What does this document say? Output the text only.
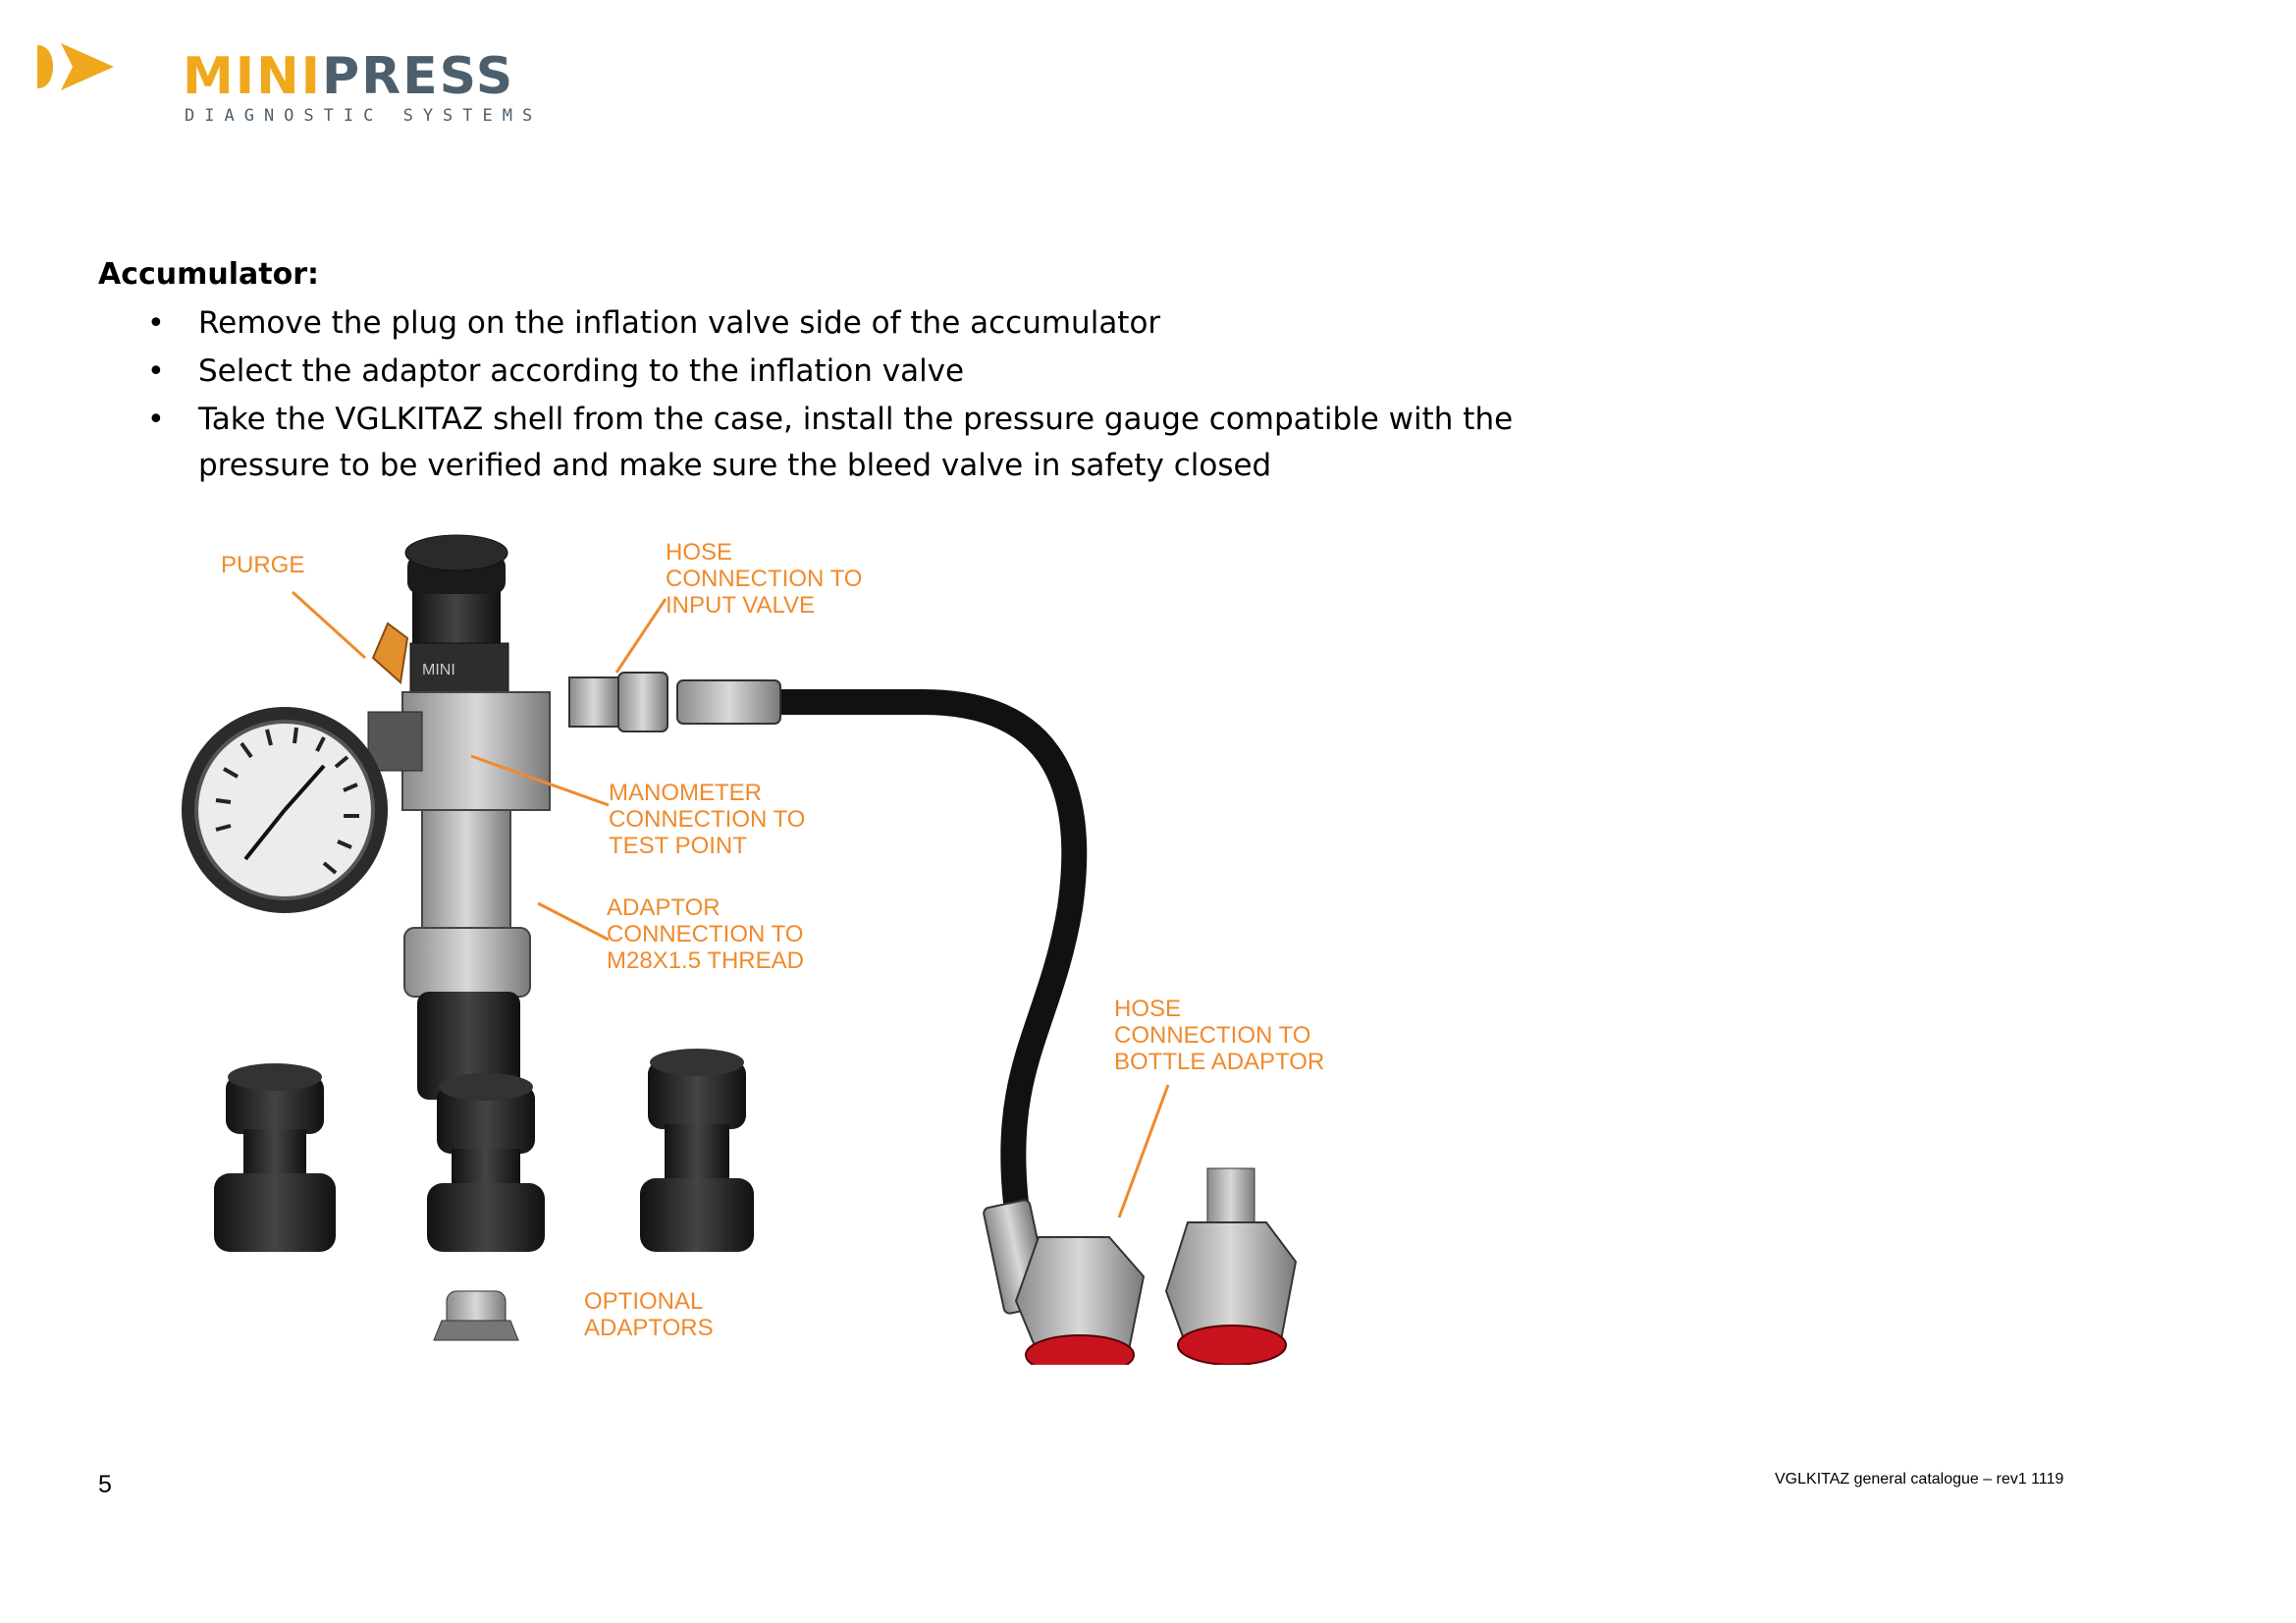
MINIPRESS
DIAGNOSTIC SYSTEMS
Accumulator:
• Remove the plug on the inflation valve side of the accumulator
• Select the adaptor according to the inflation valve
• Take the VGLKITAZ shell from the case, install the pressure gauge compatible with the pressure to be verified and make sure the bleed valve in safety closed
MINI
PURGE	HOSE CONNECTION TO INPUT VALVE
MANOMETER CONNECTION TO TEST POINT
ADAPTOR CONNECTION TO M28X1.5 THREAD
HOSE CONNECTION TO BOTTLE ADAPTOR
OPTIONAL ADAPTORS
5	VGLKITAZ general catalogue – rev1 1119
